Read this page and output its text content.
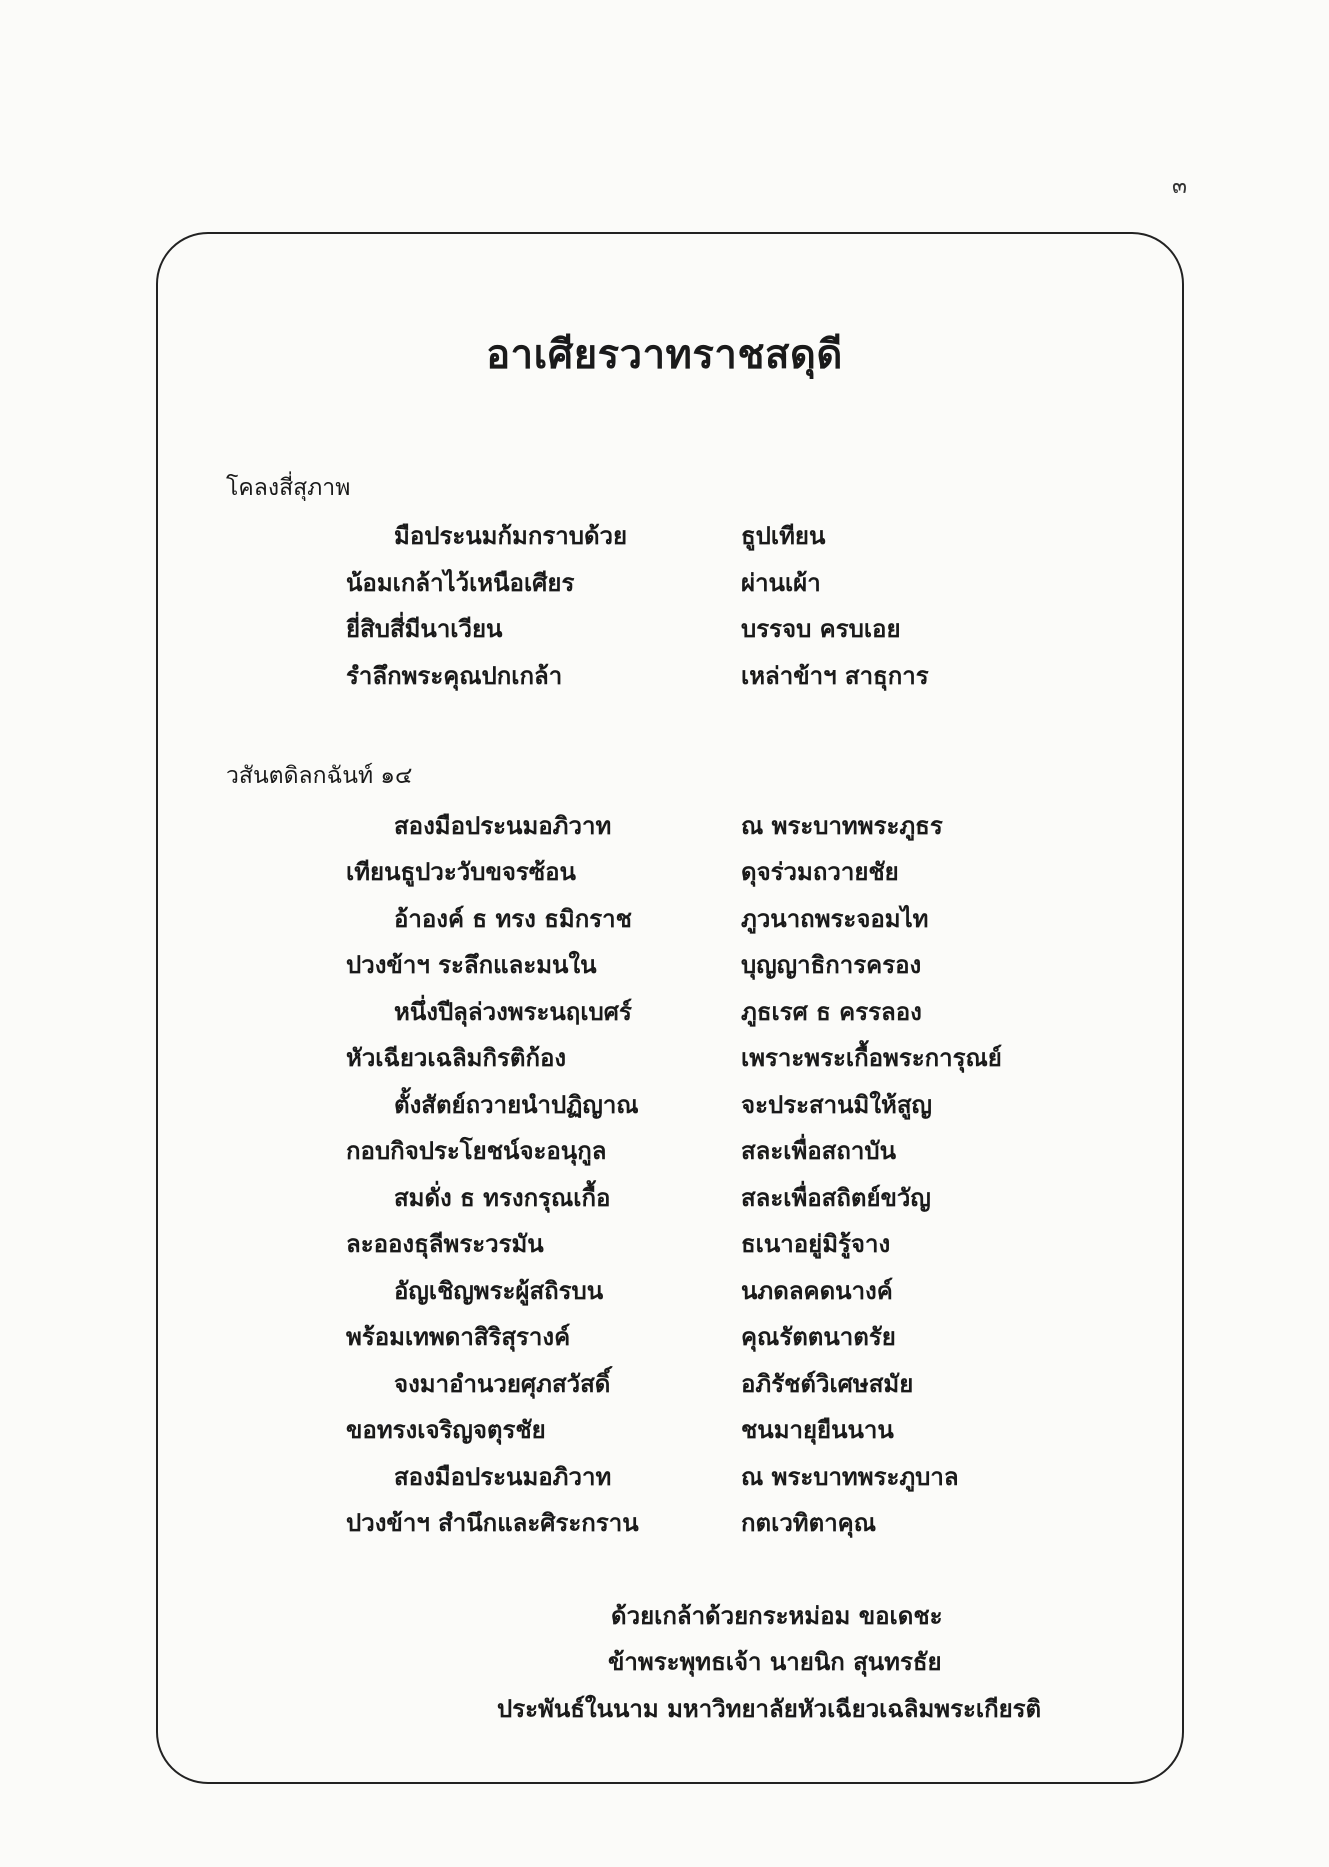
๓
อาเศียรวาทราชสดุดี
โคลงสี่สุภาพ
มือประนมก้มกราบด้วย	ธูปเทียน
น้อมเกล้าไว้เหนือเศียร	ผ่านเผ้า
ยี่สิบสี่มีนาเวียน	บรรจบ ครบเอย
รำลึกพระคุณปกเกล้า	เหล่าข้าฯ สาธุการ
วสันตดิลกฉันท์ ๑๔
สองมือประนมอภิวาท	ณ พระบาทพระภูธร
เทียนธูปวะวับขจรซ้อน	ดุจร่วมถวายชัย
อ้าองค์ ธ ทรง ธมิกราช	ภูวนาถพระจอมไท
ปวงข้าฯ ระลึกและมนใน	บุญญาธิการครอง
หนึ่งปีลุล่วงพระนฤเบศร์	ภูธเรศ ธ ครรลอง
หัวเฉียวเฉลิมกิรติก้อง	เพราะพระเกื้อพระการุณย์
ตั้งสัตย์ถวายนำปฏิญาณ	จะประสานมิให้สูญ
กอบกิจประโยชน์จะอนุกูล	สละเพื่อสถาบัน
สมดั่ง ธ ทรงกรุณเกื้อ	สละเพื่อสถิตย์ขวัญ
ละอองธุลีพระวรมัน	ธเนาอยู่มิรู้จาง
อัญเชิญพระผู้สถิรบน	นภดลคดนางค์
พร้อมเทพดาสิริสุรางค์	คุณรัตตนาตรัย
จงมาอำนวยศุภสวัสดิ์	อภิรัชต์วิเศษสมัย
ขอทรงเจริญจตุรชัย	ชนมายุยืนนาน
สองมือประนมอภิวาท	ณ พระบาทพระภูบาล
ปวงข้าฯ สำนึกและศิระกราน	กตเวทิตาคุณ
ด้วยเกล้าด้วยกระหม่อม ขอเดชะ
ข้าพระพุทธเจ้า นายนิก สุนทรธัย
ประพันธ์ในนาม มหาวิทยาลัยหัวเฉียวเฉลิมพระเกียรติ
